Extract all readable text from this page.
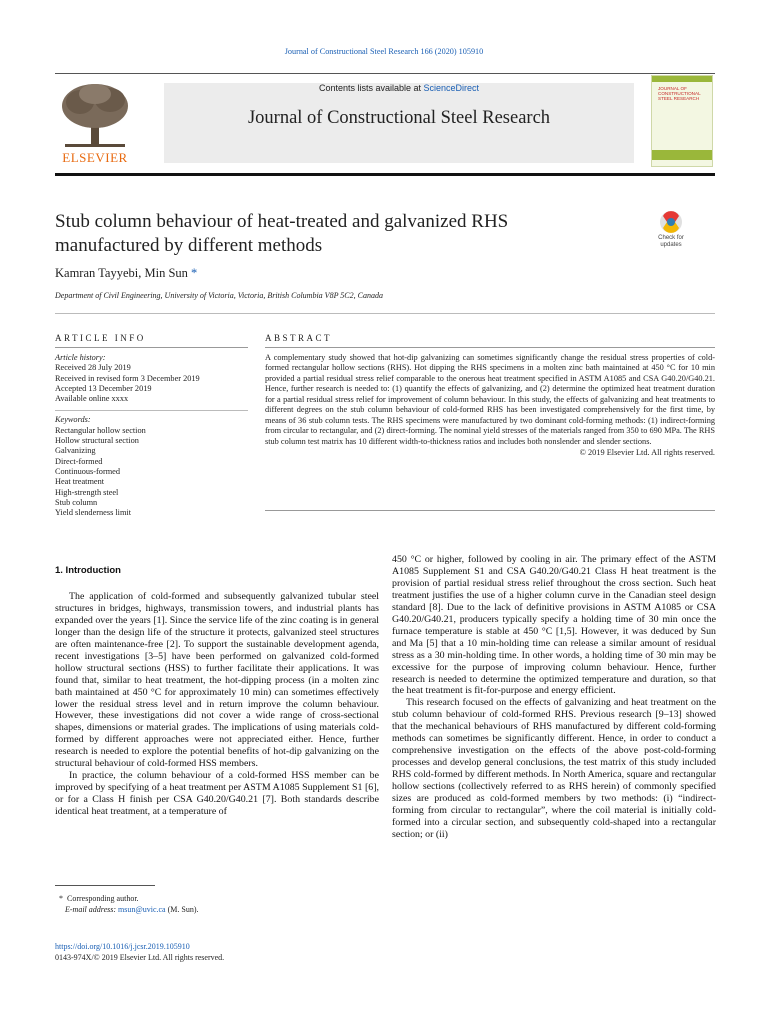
Journal of Constructional Steel Research 166 (2020) 105910
ELSEVIER
Contents lists available at ScienceDirect
Journal of Constructional Steel Research
JOURNAL OF CONSTRUCTIONAL STEEL RESEARCH
Stub column behaviour of heat-treated and galvanized RHS manufactured by different methods	Check for
updates
Kamran Tayyebi, Min Sun *
Department of Civil Engineering, University of Victoria, Victoria, British Columbia V8P 5C2, Canada
ARTICLE INFO	ABSTRACT
Article history:
Received 28 July 2019
Received in revised form 3 December 2019
Accepted 13 December 2019
Available online xxxx
Keywords:
Rectangular hollow section
Hollow structural section
Galvanizing
Direct-formed
Continuous-formed
Heat treatment
High-strength steel
Stub column
Yield slenderness limit
A complementary study showed that hot-dip galvanizing can sometimes significantly change the residual stress properties of cold-formed rectangular hollow sections (RHS). Hot dipping the RHS specimens in a molten zinc bath maintained at 450 °C for 10 min provided a partial residual stress relief comparable to the onerous heat treatment specified in ASTM A1085 and CSA G40.20/G40.21. Hence, further research is needed to: (1) quantify the effects of galvanizing, and (2) determine the optimized heat treatment duration for a partial residual stress relief for improvement of column behaviour. In this study, the effects of galvanizing and heat treatments to different degrees on the stub column behaviour of cold-formed RHS has been investigated comprehensively for the first time, by means of 36 stub column tests. The RHS specimens were manufactured by two dominant cold-forming methods: (1) indirect-forming from circular to rectangular, and (2) direct-forming. The nominal yield stresses of the materials ranged from 350 to 690 MPa. The RHS stub column test matrix has 10 different width-to-thickness ratios and includes both nonslender and slender sections.
© 2019 Elsevier Ltd. All rights reserved.
1. Introduction

The application of cold-formed and subsequently galvanized tubular steel structures in bridges, highways, transmission towers, and industrial plants has expanded over the years [1]. Since the service life of the zinc coating is in general longer than the design life of the structure it protects, galvanized steel structures are often maintenance-free [2]. To support the sustainable development agenda, recent investigations [3–5] have been performed on galvanized cold-formed hollow structural sections (HSS) to further facilitate their applications. It was found that, similar to heat treatment, the hot-dipping process (in a molten zinc bath maintained at 450 °C for approximately 10 min) can sometimes effectively lower the residual stress level and in return improve the column behaviour. However, these investigations did not cover a wide range of cross-sectional shapes, dimensions or material grades. The implications of using materials cold-formed by different approaches were not appreciated either. Hence, further research is needed to explore the potential benefits of hot-dip galvanizing on the structural behaviour of cold-formed HSS members.

In practice, the column behaviour of a cold-formed HSS member can be improved by specifying of a heat treatment per ASTM A1085 Supplement S1 [6], or for a Class H finish per CSA G40.20/G40.21 [7]. Both standards describe identical heat treatment, at a temperature of

450 °C or higher, followed by cooling in air. The primary effect of the ASTM A1085 Supplement S1 and CSA G40.20/G40.21 Class H heat treatment is the provision of partial residual stress relief throughout the cross section. Such heat treatment justifies the use of a higher column curve in the Canadian steel design standard [8]. Due to the lack of definitive provisions in ASTM A1085 or CSA G40.20/G40.21, producers typically specify a holding time of 30 min once the furnace temperature is stable at 450 °C [1,5]. However, it was deduced by Sun and Ma [5] that a 10 min-holding time can release a similar amount of residual stress as a 30 min-holding time. In other words, a holding time of 30 min may be excessive for the purpose of improving column behaviour. Hence, further research is needed to determine the optimized temperature and duration, so that the heat treatment is fit-for-purpose and energy efficient.

This research focused on the effects of galvanizing and heat treatment on the stub column behaviour of cold-formed RHS. Previous research [9–13] showed that the mechanical behaviours of RHS manufactured by different cold-forming methods can sometimes be significantly different. Hence, in order to conduct a comprehensive investigation on the effects of the above post-cold-forming processes and develop general conclusions, the test matrix of this study included RHS cold-formed by different methods. In North America, square and rectangular hollow sections (collectively referred to as RHS herein) of commonly specified sizes are produced as cold-formed members by two methods: (i) “indirect-forming from circular to rectangular”, where the coil material is initially cold-formed into a circular section, and subsequently cold-shaped into a rectangular section; or (ii)

* Corresponding author.
E-mail address: msun@uvic.ca (M. Sun).
https://doi.org/10.1016/j.jcsr.2019.105910
0143-974X/© 2019 Elsevier Ltd. All rights reserved.
